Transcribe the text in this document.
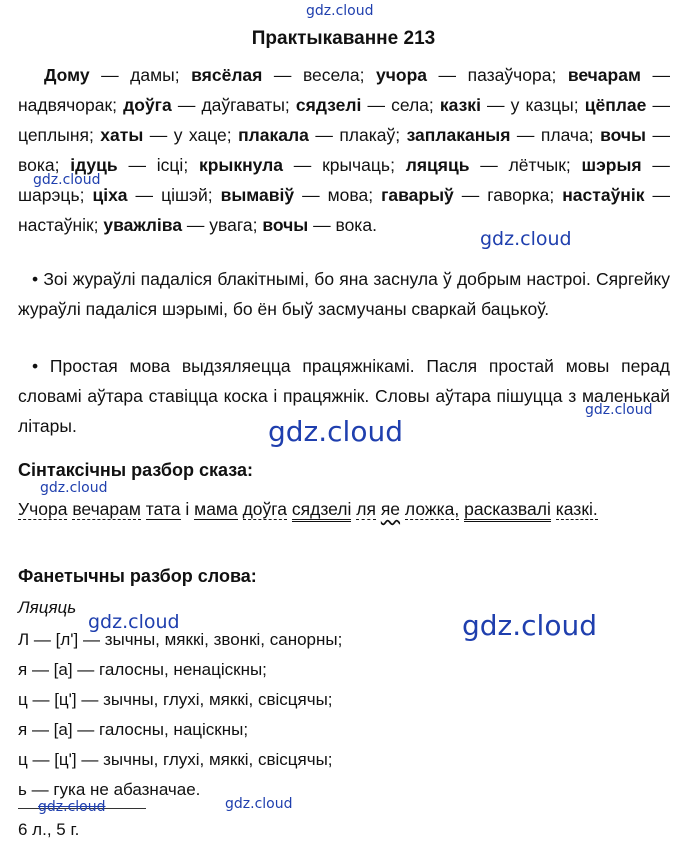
gdz.cloud
Практыкаванне 213
Дому — дамы; вясёлая — весела; учора — пазаўчора; вечарам — надвячорак; доўга — даўгаваты; сядзелі — села; казкі — у казцы; цёплае — цеплыня; хаты — у хаце; плакала — плакаў; заплаканыя — плача; вочы — вока; ідуць — ісці; крыкнула — крычаць; ляцяць — лётчык; шэрыя — шарэць; ціха — цішэй; вымавіў — мова; гаварыў — гаворка; настаўнік — настаўнік; уважліва — увага; вочы — вока.
gdz.cloud
gdz.cloud
• Зоі жураўлі падаліся блакітнымі, бо яна заснула ў добрым настроі. Сяргейку жураўлі падаліся шэрымі, бо ён быў засмучаны сваркай бацькоў.
• Простая мова выдзяляецца працяжнікамі. Пасля простай мовы перад словамі аўтара ставіцца коска і працяжнік. Словы аўтара пішуцца з маленькай літары.
gdz.cloud
gdz.cloud
Сінтаксічны разбор сказа:
gdz.cloud
Учора вечарам тата і мама доўга сядзелі ля яе ложка, расказвалі казкі.
Фанетычны разбор слова:
Ляцяць
gdz.cloud	gdz.cloud
Л — [л'] — зычны, мяккі, звонкі, санорны;
я — [а] — галосны, ненаціскны;
ц — [ц'] — зычны, глухі, мяккі, свісцячы;
я — [а] — галосны, націскны;
ц — [ц'] — зычны, глухі, мяккі, свісцячы;
ь — гука не абазначае.
gdz.cloud	gdz.cloud
6 л., 5 г.
